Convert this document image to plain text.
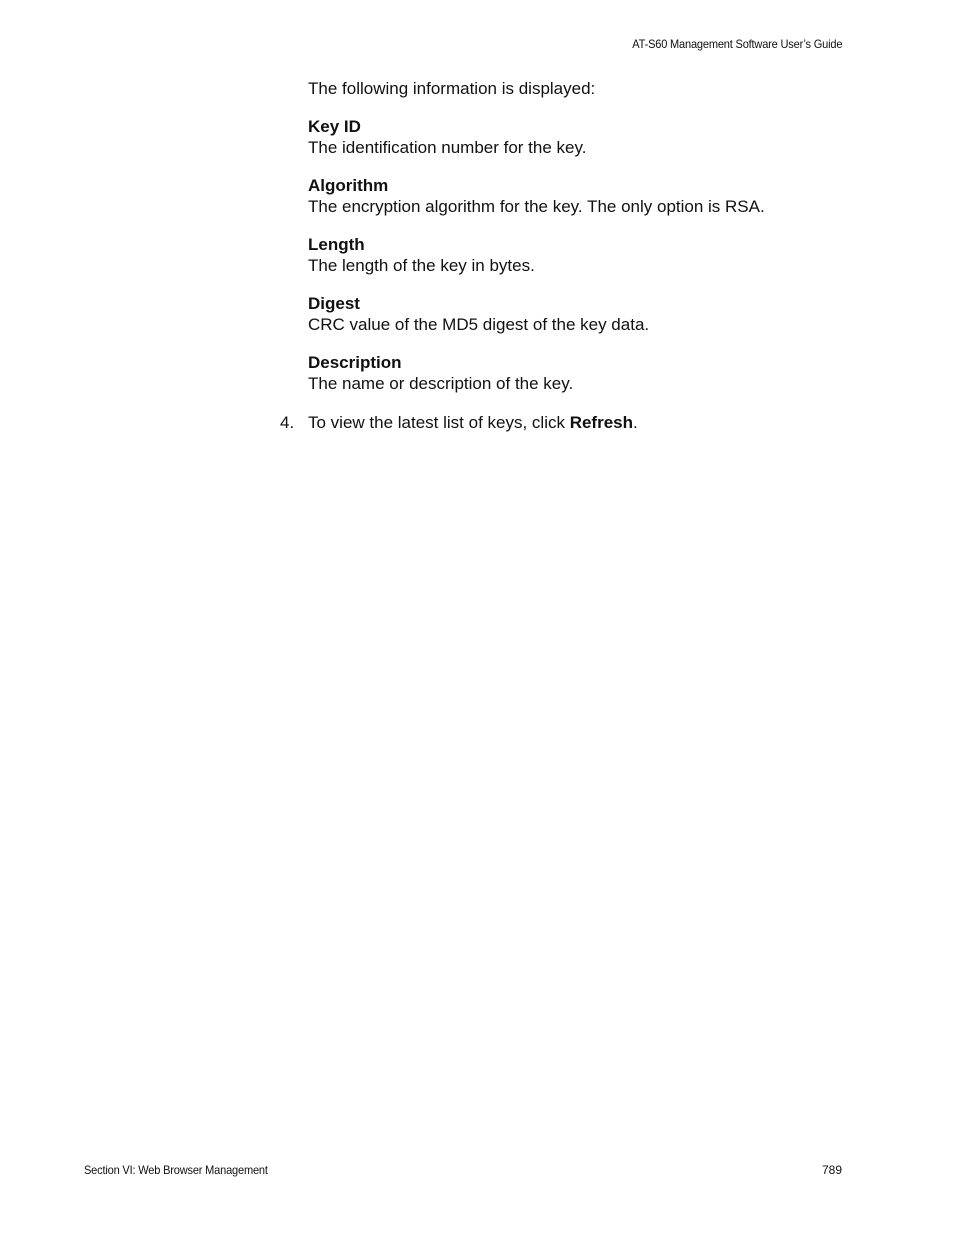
AT-S60 Management Software User’s Guide

The following information is displayed:

Key ID
The identification number for the key.
Algorithm
The encryption algorithm for the key. The only option is RSA.
Length
The length of the key in bytes.
Digest
CRC value of the MD5 digest of the key data.
Description
The name or description of the key.
4. To view the latest list of keys, click Refresh.
Section VI: Web Browser Management	789
